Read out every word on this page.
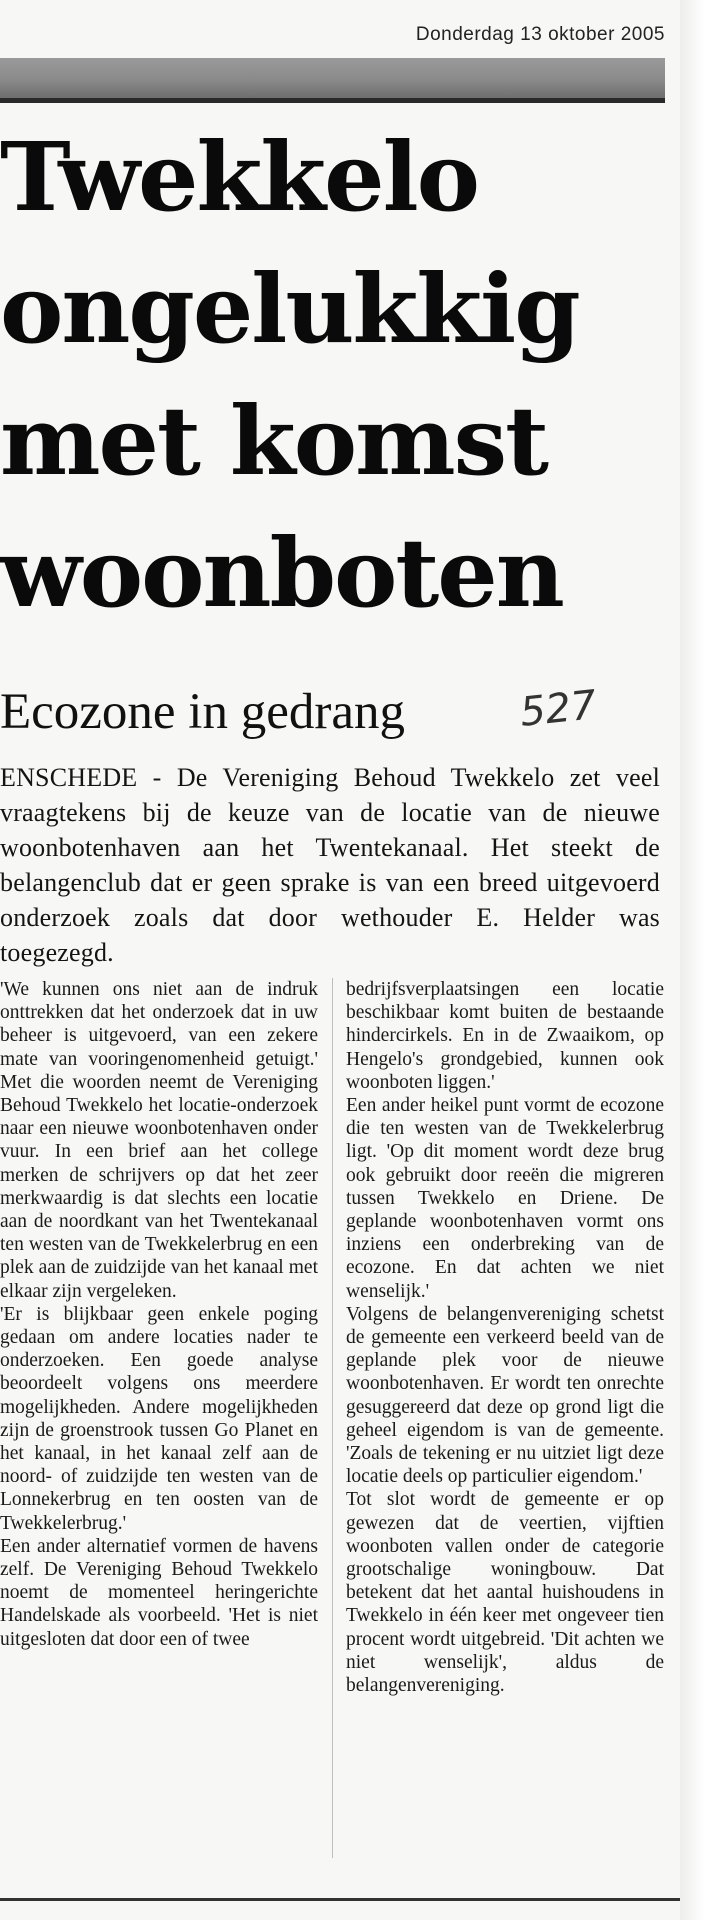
Donderdag 13 oktober 2005
Twekkelo
ongelukkig
met komst
woonboten
Ecozone in gedrang	527

ENSCHEDE - De Vereniging Behoud Twekkelo zet veel vraagtekens bij de keuze van de locatie van de nieuwe woonbotenhaven aan het Twentekanaal. Het steekt de belangenclub dat er geen sprake is van een breed uitgevoerd onderzoek zoals dat door wethouder E. Helder was toegezegd.

'We kunnen ons niet aan de indruk onttrekken dat het onderzoek dat in uw beheer is uitgevoerd, van een zekere mate van vooringenomenheid getuigt.' Met die woorden neemt de Vereniging Behoud Twekkelo het locatie-onderzoek naar een nieuwe woonbotenhaven onder vuur. In een brief aan het college merken de schrijvers op dat het zeer merkwaardig is dat slechts een locatie aan de noordkant van het Twentekanaal ten westen van de Twekkelerbrug en een plek aan de zuidzijde van het kanaal met elkaar zijn vergeleken.

'Er is blijkbaar geen enkele poging gedaan om andere locaties nader te onderzoeken. Een goede analyse beoordeelt volgens ons meerdere mogelijkheden. Andere mogelijkheden zijn de groenstrook tussen Go Planet en het kanaal, in het kanaal zelf aan de noord- of zuidzijde ten westen van de Lonnekerbrug en ten oosten van de Twekkelerbrug.'

Een ander alternatief vormen de havens zelf. De Vereniging Behoud Twekkelo noemt de momenteel heringerichte Handelskade als voorbeeld. 'Het is niet uitgesloten dat door een of twee

bedrijfsverplaatsingen een locatie beschikbaar komt buiten de bestaande hindercirkels. En in de Zwaaikom, op Hengelo's grondgebied, kunnen ook woonboten liggen.'

Een ander heikel punt vormt de ecozone die ten westen van de Twekkelerbrug ligt. 'Op dit moment wordt deze brug ook gebruikt door reeën die migreren tussen Twekkelo en Driene. De geplande woonbotenhaven vormt ons inziens een onderbreking van de ecozone. En dat achten we niet wenselijk.'

Volgens de belangenvereniging schetst de gemeente een verkeerd beeld van de geplande plek voor de nieuwe woonbotenhaven. Er wordt ten onrechte gesuggereerd dat deze op grond ligt die geheel eigendom is van de gemeente. 'Zoals de tekening er nu uitziet ligt deze locatie deels op particulier eigendom.'

Tot slot wordt de gemeente er op gewezen dat de veertien, vijftien woonboten vallen onder de categorie grootschalige woningbouw. Dat betekent dat het aantal huishoudens in Twekkelo in één keer met ongeveer tien procent wordt uitgebreid. 'Dit achten we niet wenselijk', aldus de belangenvereniging.
